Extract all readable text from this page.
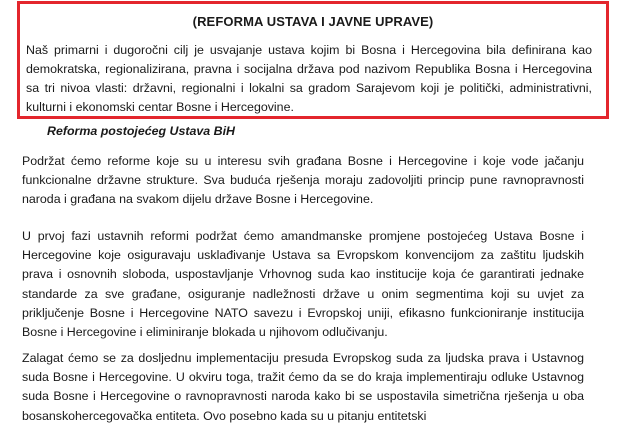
(REFORMA USTAVA I JAVNE UPRAVE)
Naš primarni i dugoročni cilj je usvajanje ustava kojim bi Bosna i Hercegovina bila definirana kao demokratska, regionalizirana, pravna i socijalna država pod nazivom Republika Bosna i Hercegovina sa tri nivoa vlasti: državni, regionalni i lokalni sa gradom Sarajevom koji je politički, administrativni, kulturni i ekonomski centar Bosne i Hercegovine.
Reforma postojećeg Ustava BiH
Podržat ćemo reforme koje su u interesu svih građana Bosne i Hercegovine i koje vode jačanju funkcionalne državne strukture. Sva buduća rješenja moraju zadovoljiti princip pune ravnopravnosti naroda i građana na svakom dijelu države Bosne i Hercegovine.
U prvoj fazi ustavnih reformi podržat ćemo amandmanske promjene postojećeg Ustava Bosne i Hercegovine koje osiguravaju usklađivanje Ustava sa Evropskom konvencijom za zaštitu ljudskih prava i osnovnih sloboda, uspostavljanje Vrhovnog suda kao institucije koja će garantirati jednake standarde za sve građane, osiguranje nadležnosti države u onim segmentima koji su uvjet za priključenje Bosne i Hercegovine NATO savezu i Evropskoj uniji, efikasno funkcioniranje institucija Bosne i Hercegovine i eliminiranje blokada u njihovom odlučivanju.
Zalagat ćemo se za dosljednu implementaciju presuda Evropskog suda za ljudska prava i Ustavnog suda Bosne i Hercegovine. U okviru toga, tražit ćemo da se do kraja implementiraju odluke Ustavnog suda Bosne i Hercegovine o ravnopravnosti naroda kako bi se uspostavila simetrična rješenja u oba bosanskohercegovačka entiteta. Ovo posebno kada su u pitanju entitetski
